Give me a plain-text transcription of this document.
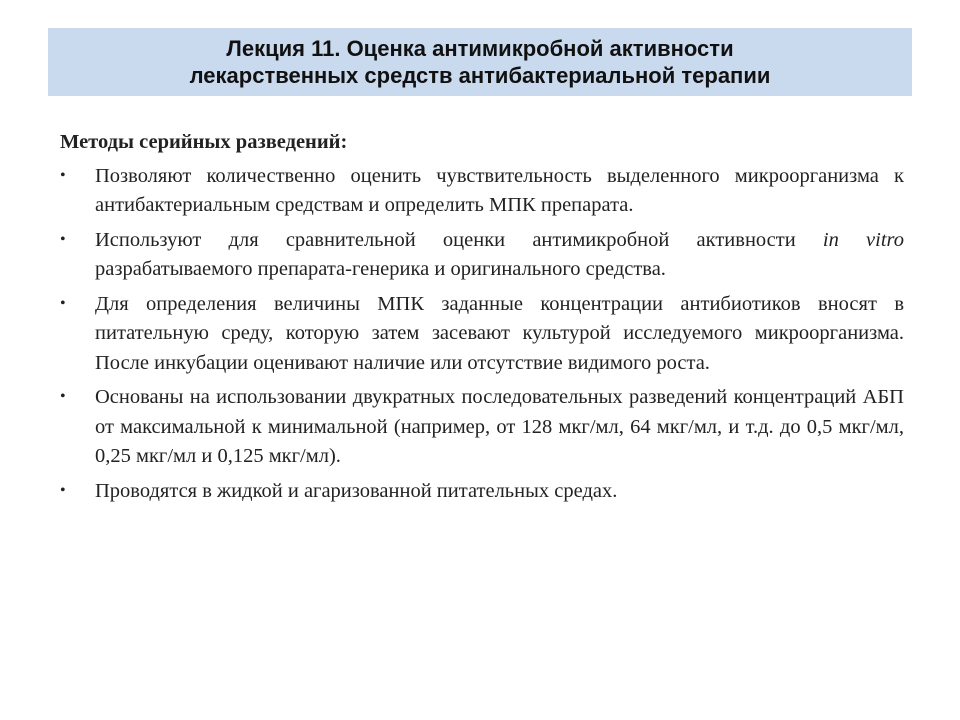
Лекция 11. Оценка антимикробной активности
лекарственных средств антибактериальной терапии
Методы серийных разведений:
• Позволяют количественно оценить чувствительность выделенного микроорганизма к антибактериальным средствам и определить МПК препарата.
• Используют для сравнительной оценки антимикробной активности in vitro разрабатываемого препарата-генерика и оригинального средства.
• Для определения величины МПК заданные концентрации антибиотиков вносят в питательную среду, которую затем засевают культурой исследуемого микроорганизма. После инкубации оценивают наличие или отсутствие видимого роста.
• Основаны на использовании двукратных последовательных разведений концентраций АБП от максимальной к минимальной (например, от 128 мкг/мл, 64 мкг/мл, и т.д. до 0,5 мкг/мл, 0,25 мкг/мл и 0,125 мкг/мл).
• Проводятся в жидкой и агаризованной питательных средах.
